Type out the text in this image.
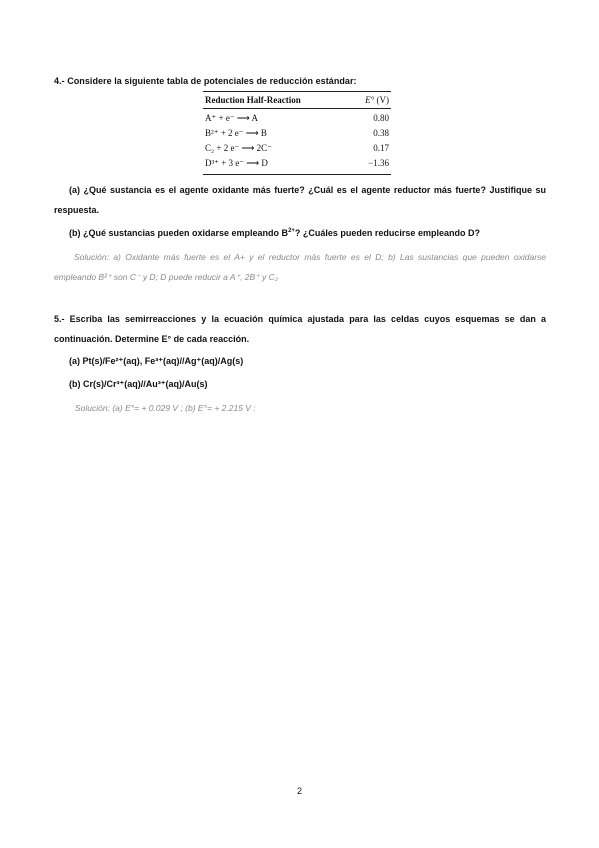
4.- Considere la siguiente tabla de potenciales de reducción estándar:
Reduction Half-Reaction	E° (V)
A⁺ + e⁻ ⟶ A	0.80
B²⁺ + 2 e⁻ ⟶ B	0.38
C₂ + 2 e⁻ ⟶ 2C⁻	0.17
D³⁺ + 3 e⁻ ⟶ D	−1.36
(a) ¿Qué sustancia es el agente oxidante más fuerte? ¿Cuál es el agente reductor más fuerte? Justifique su respuesta.
(b) ¿Qué sustancias pueden oxidarse empleando $B^{2+}$? ¿Cuáles pueden reducirse empleando D?
Solución: a) Oxidante más fuerte es el A+ y el reductor más fuerte es el D; b) Las sustancias que pueden oxidarse empleando B²⁺ son C⁻ y D; D puede reducir a A⁺, 2B⁺ y C₂
5.- Escriba las semirreacciones y la ecuación química ajustada para las celdas cuyos esquemas se dan a continuación. Determine E° de cada reacción.
(a) Pt(s)/Fe²⁺(aq), Fe³⁺(aq)//Ag⁺(aq)/Ag(s)
(b) Cr(s)/Cr³⁺(aq)//Au³⁺(aq)/Au(s)
Solución: (a) E°= + 0.029 V ; (b) E°= + 2.215 V :
2
